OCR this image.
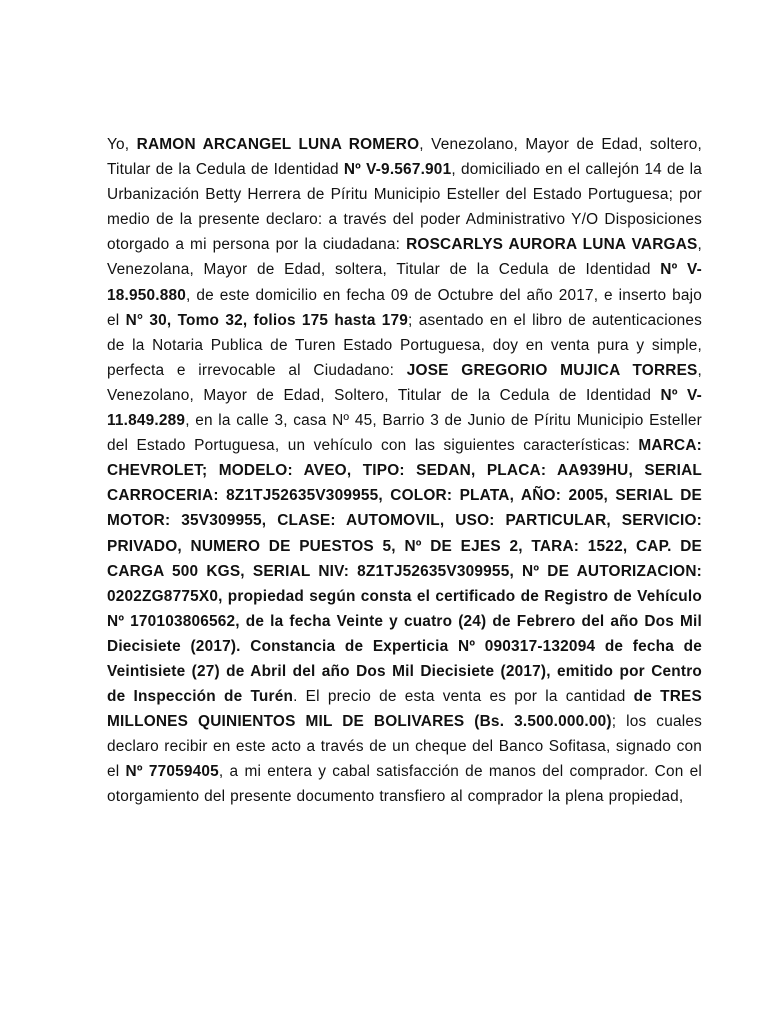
Yo, RAMON ARCANGEL LUNA ROMERO, Venezolano, Mayor de Edad, soltero, Titular de la Cedula de Identidad Nº V-9.567.901, domiciliado en el callejón 14 de la Urbanización Betty Herrera de Píritu Municipio Esteller del Estado Portuguesa; por medio de la presente declaro: a través del poder Administrativo Y/O Disposiciones otorgado a mi persona por la ciudadana: ROSCARLYS AURORA LUNA VARGAS, Venezolana, Mayor de Edad, soltera, Titular de la Cedula de Identidad Nº V-18.950.880, de este domicilio en fecha 09 de Octubre del año 2017, e inserto bajo el N° 30, Tomo 32, folios 175 hasta 179; asentado en el libro de autenticaciones de la Notaria Publica de Turen Estado Portuguesa, doy en venta pura y simple, perfecta e irrevocable al Ciudadano: JOSE GREGORIO MUJICA TORRES, Venezolano, Mayor de Edad, Soltero, Titular de la Cedula de Identidad Nº V-11.849.289, en la calle 3, casa Nº 45, Barrio 3 de Junio de Píritu Municipio Esteller del Estado Portuguesa, un vehículo con las siguientes características: MARCA: CHEVROLET; MODELO: AVEO, TIPO: SEDAN, PLACA: AA939HU, SERIAL CARROCERIA: 8Z1TJ52635V309955, COLOR: PLATA, AÑO: 2005, SERIAL DE MOTOR: 35V309955, CLASE: AUTOMOVIL, USO: PARTICULAR, SERVICIO: PRIVADO, NUMERO DE PUESTOS 5, Nº DE EJES 2, TARA: 1522, CAP. DE CARGA 500 KGS, SERIAL NIV: 8Z1TJ52635V309955, Nº DE AUTORIZACION: 0202ZG8775X0, propiedad según consta el certificado de Registro de Vehículo Nº 170103806562, de la fecha Veinte y cuatro (24) de Febrero del año Dos Mil Diecisiete (2017). Constancia de Experticia Nº 090317-132094 de fecha de Veintisiete (27) de Abril del año Dos Mil Diecisiete (2017), emitido por Centro de Inspección de Turén. El precio de esta venta es por la cantidad de TRES MILLONES QUINIENTOS MIL DE BOLIVARES (Bs. 3.500.000.00); los cuales declaro recibir en este acto a través de un cheque del Banco Sofitasa, signado con el Nº 77059405, a mi entera y cabal satisfacción de manos del comprador. Con el otorgamiento del presente documento transfiero al comprador la plena propiedad,
